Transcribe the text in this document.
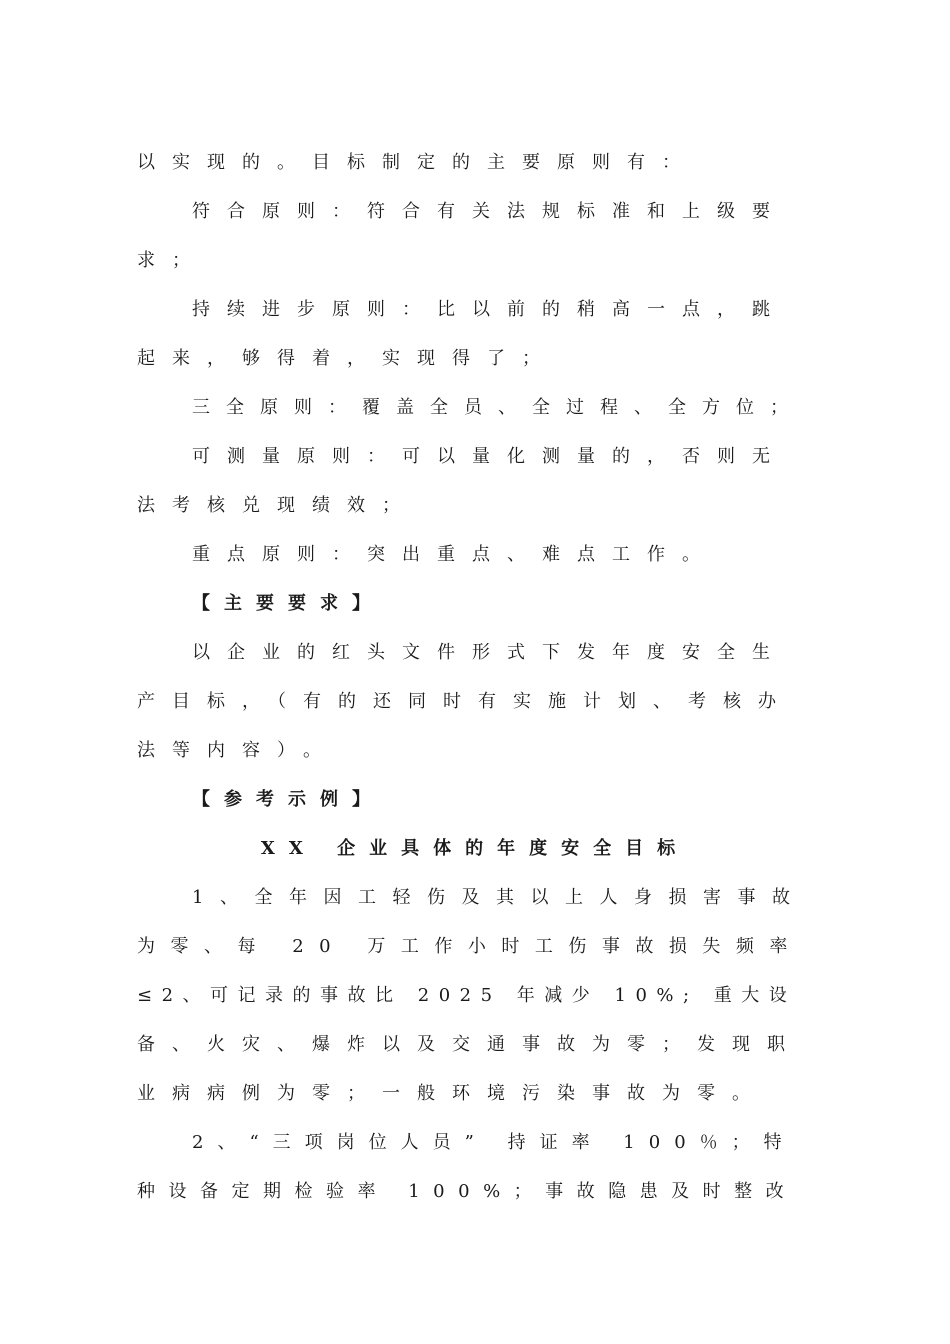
以实现的。目标制定的主要原则有：
符合原则：符合有关法规标准和上级要
求；
持续进步原则：比以前的稍高一点，跳
起来，够得着，实现得了；
三全原则：覆盖全员、全过程、全方位；
可测量原则：可以量化测量的，否则无
法考核兑现绩效；
重点原则：突出重点、难点工作。
【主要要求】
以企业的红头文件形式下发年度安全生
产目标，（有的还同时有实施计划、考核办
法等内容）。
【参考示例】
XX 企业具体的年度安全目标
1、全年因工轻伤及其以上人身损害事故
为零、每 20 万工作小时工伤事故损失频率
≤2、可记录的事故比 2025 年减少 10%; 重大设
备、火灾、爆炸以及交通事故为零；发现职
业病病例为零；一般环境污染事故为零。
2、“三项岗位人员” 持证率 100％；特
种设备定期检验率 100%；事故隐患及时整改
